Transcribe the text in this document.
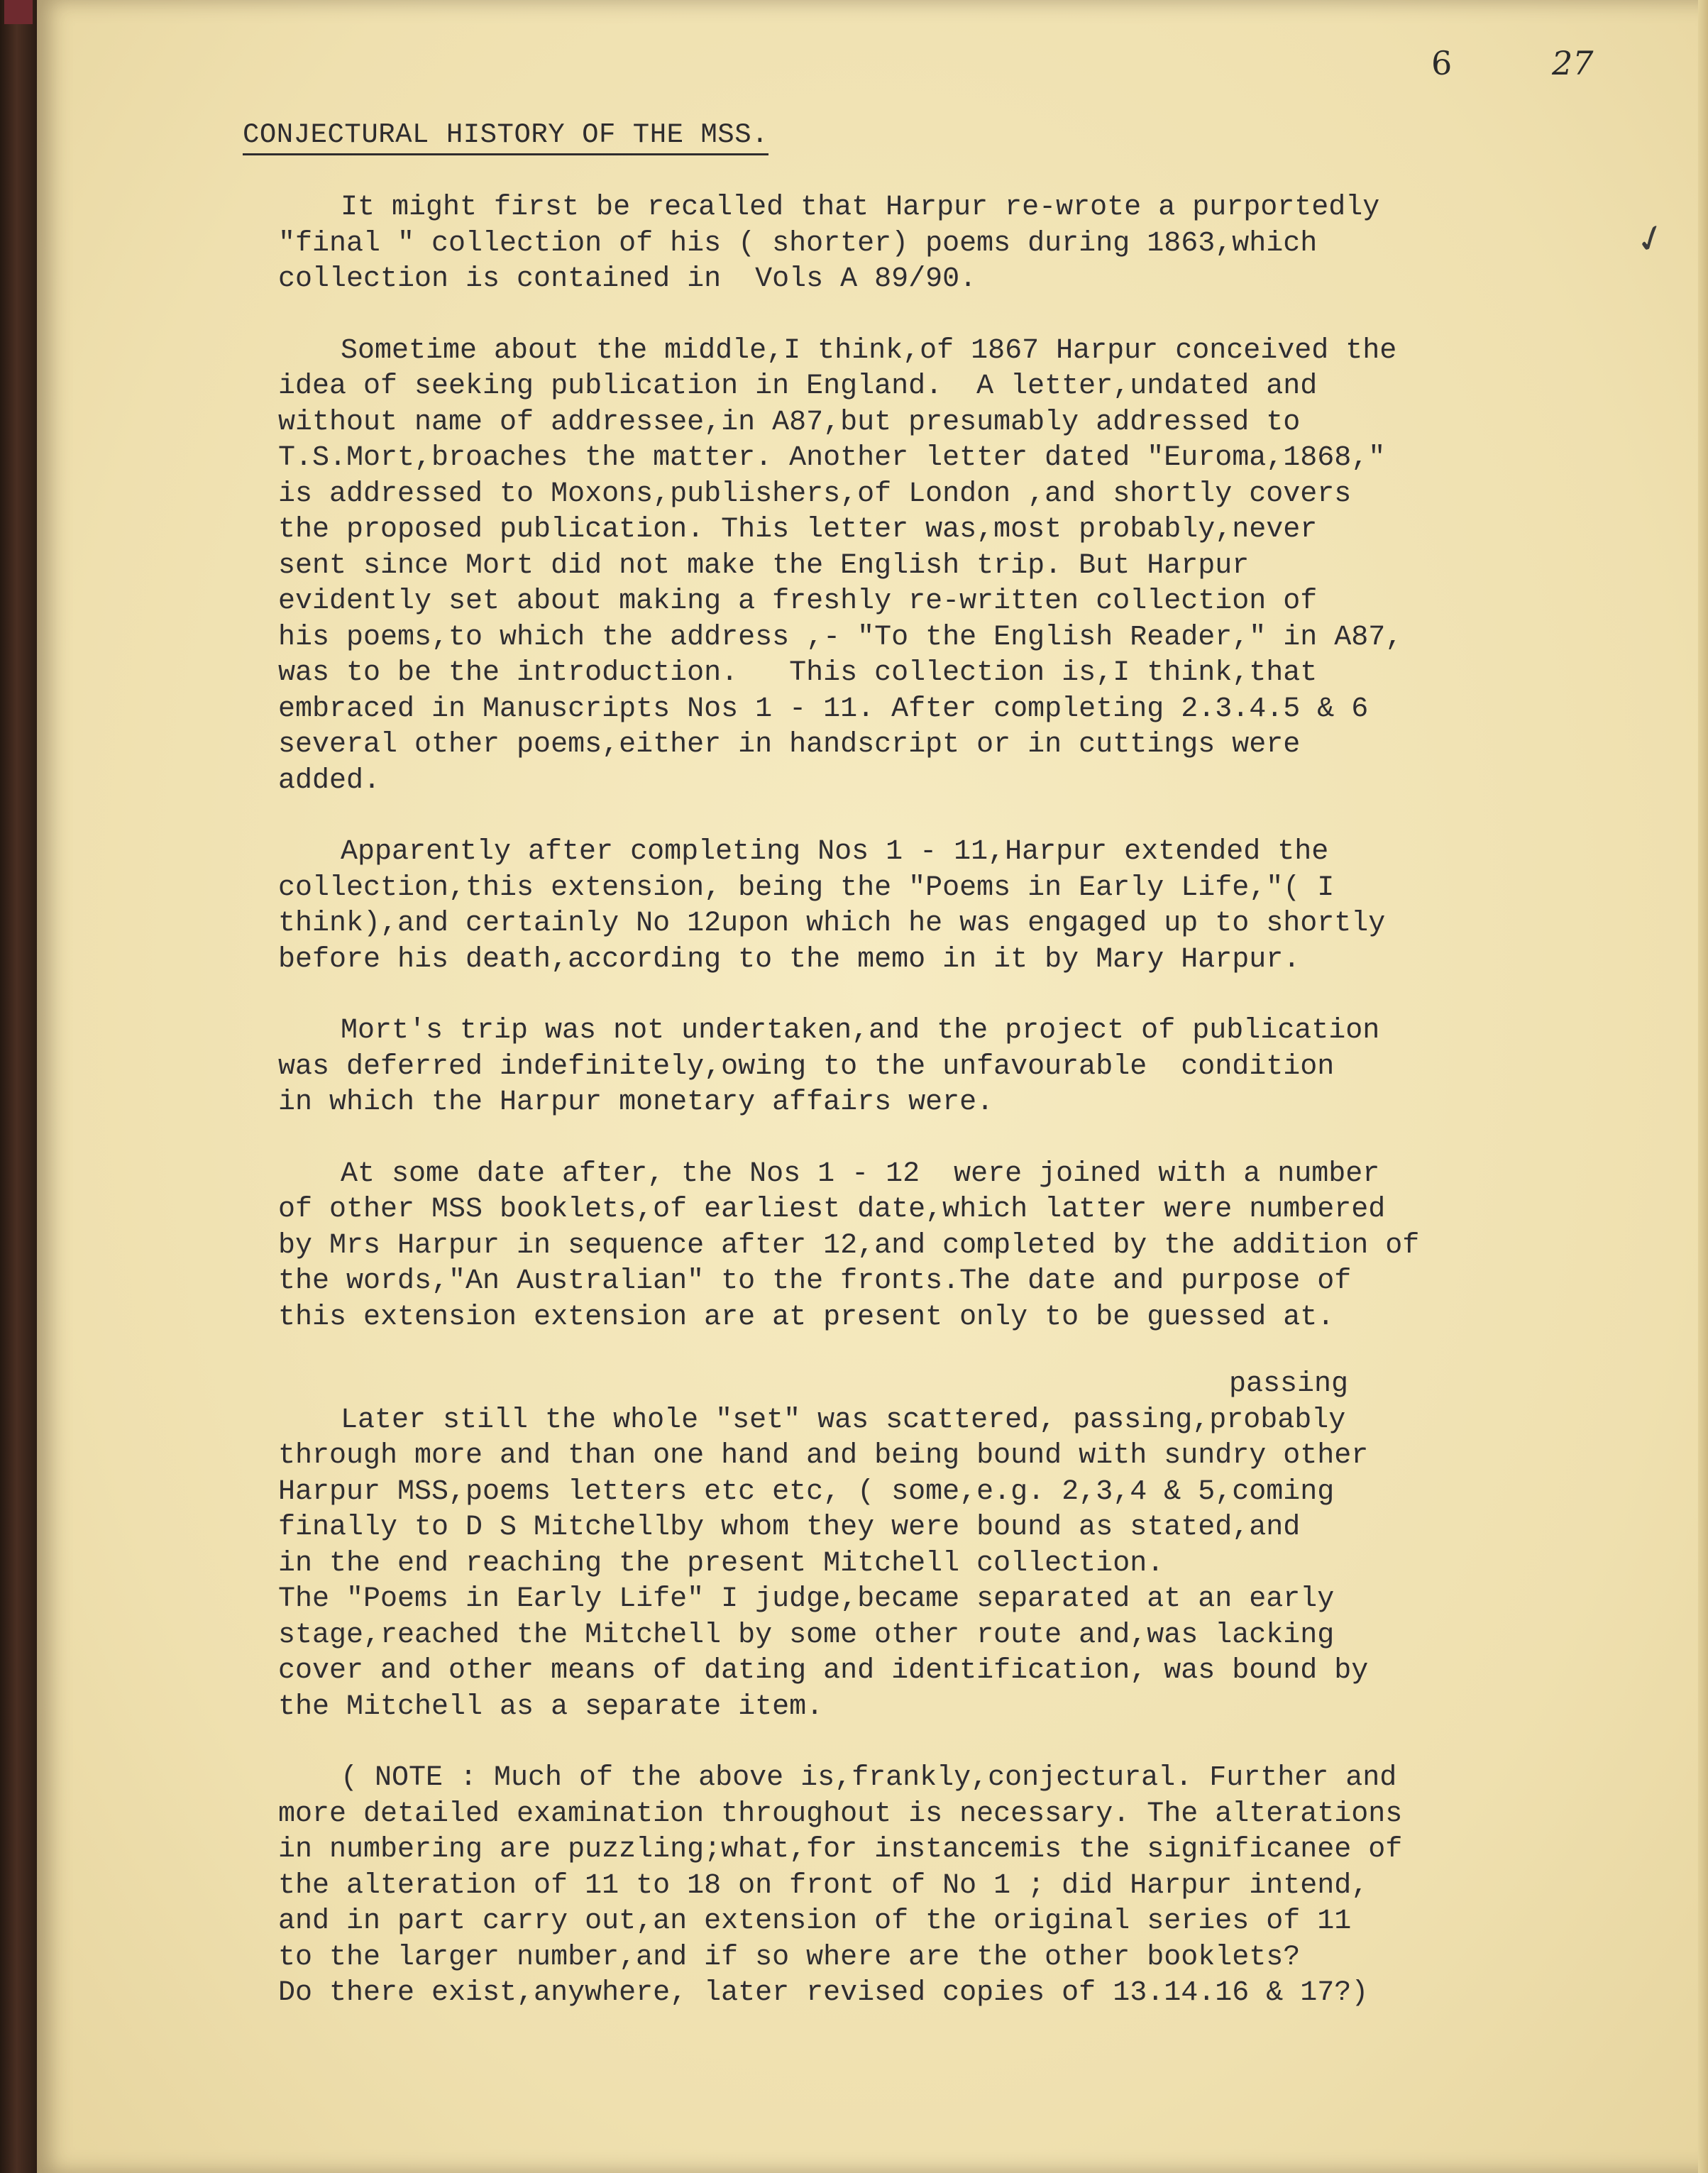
6	27
✓
CONJECTURAL HISTORY OF THE MSS.
It might first be recalled that Harpur re-wrote a purportedly
"final " collection of his ( shorter) poems during 1863,which
collection is contained in  Vols A 89/90.
Sometime about the middle,I think,of 1867 Harpur conceived the
idea of seeking publication in England.  A letter,undated and
without name of addressee,in A87,but presumably addressed to
T.S.Mort,broaches the matter. Another letter dated "Euroma,1868,"
is addressed to Moxons,publishers,of London ,and shortly covers
the proposed publication. This letter was,most probably,never
sent since Mort did not make the English trip. But Harpur
evidently set about making a freshly re-written collection of
his poems,to which the address ,- "To the English Reader," in A87,
was to be the introduction.   This collection is,I think,that
embraced in Manuscripts Nos 1 - 11. After completing 2.3.4.5 & 6
several other poems,either in handscript or in cuttings were
added.
Apparently after completing Nos 1 - 11,Harpur extended the
collection,this extension, being the "Poems in Early Life,"( I
think),and certainly No 12upon which he was engaged up to shortly
before his death,according to the memo in it by Mary Harpur.
Mort's trip was not undertaken,and the project of publication
was deferred indefinitely,owing to the unfavourable  condition
in which the Harpur monetary affairs were.
At some date after, the Nos 1 - 12  were joined with a number
of other MSS booklets,of earliest date,which latter were numbered
by Mrs Harpur in sequence after 12,and completed by the addition of
the words,"An Australian" to the fronts.The date and purpose of
this extension extension are at present only to be guessed at.
passing
Later still the whole "set" was scattered, passing,probably
through more and than one hand and being bound with sundry other
Harpur MSS,poems letters etc etc, ( some,e.g. 2,3,4 & 5,coming
finally to D S Mitchellby whom they were bound as stated,and
in the end reaching the present Mitchell collection.
The "Poems in Early Life" I judge,became separated at an early
stage,reached the Mitchell by some other route and,was lacking
cover and other means of dating and identification, was bound by
the Mitchell as a separate item.
( NOTE : Much of the above is,frankly,conjectural. Further and
more detailed examination throughout is necessary. The alterations
in numbering are puzzling;what,for instancemis the significanee of
the alteration of 11 to 18 on front of No 1 ; did Harpur intend,
and in part carry out,an extension of the original series of 11
to the larger number,and if so where are the other booklets?
Do there exist,anywhere, later revised copies of 13.14.16 & 17?)
